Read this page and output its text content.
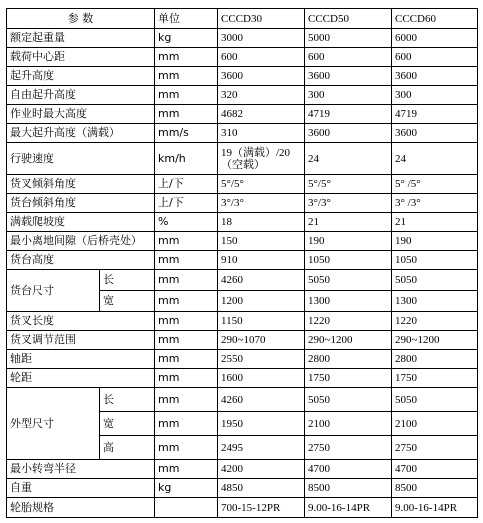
参 数		单位	CCCD30	CCCD50	CCCD60
额定起重量		kg	3000	5000	6000
载荷中心距		mm	600	600	600
起升高度		mm	3600	3600	3600
自由起升高度		mm	320	300	300
作业时最大高度		mm	4682	4719	4719
最大起升高度（满载）		mm/s	310	3600	3600
行驶速度		km/h	19（满载）/20（空载）	24	24
货叉倾斜角度		上/下	5°/5°	5°/5°	5° /5°
货台倾斜角度		上/下	3°/3°	3°/3°	3° /3°
满载爬坡度		%	18	21	21
最小离地间隙（后桥壳处）		mm	150	190	190
货台高度		mm	910	1050	1050
货台尺寸	长	mm	4260	5050	5050
	宽	mm	1200	1300	1300
货叉长度		mm	1150	1220	1220
货叉调节范围		mm	290~1070	290~1200	290~1200
轴距		mm	2550	2800	2800
轮距		mm	1600	1750	1750
外型尺寸	长	mm	4260	5050	5050
	宽	mm	1950	2100	2100
	高	mm	2495	2750	2750
最小转弯半径		mm	4200	4700	4700
自重		kg	4850	8500	8500
轮胎规格			700-15-12PR	9.00-16-14PR	9.00-16-14PR
